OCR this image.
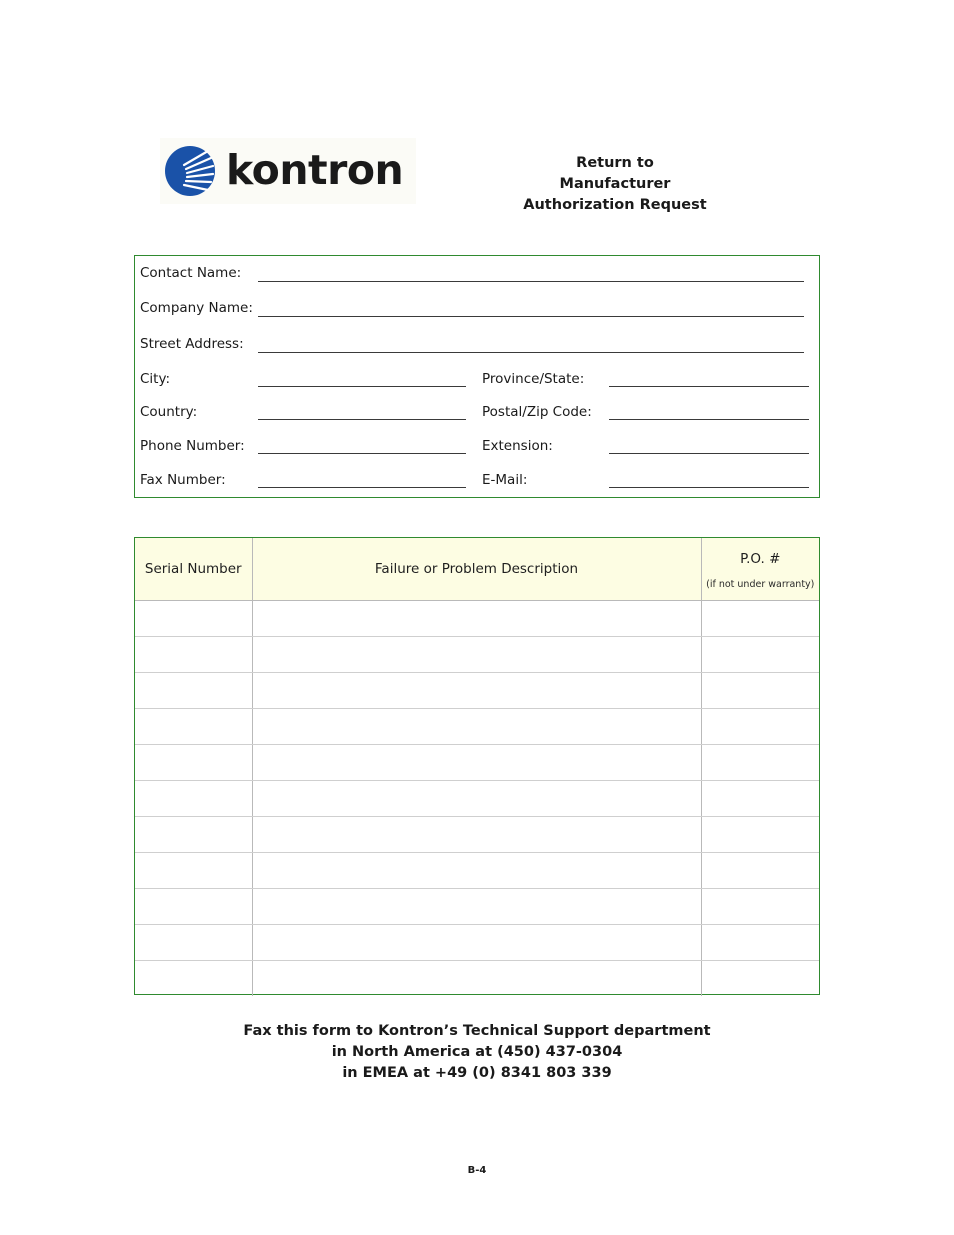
kontron	Return to
Manufacturer
Authorization Request
Contact Name:
Company Name:
Street Address:
City:	Province/State:
Country:	Postal/Zip Code:
Phone Number:	Extension:
Fax Number:	E-Mail:
Serial Number	Failure or Problem Description	P.O. #
(if not under warranty)

Fax this form to Kontron’s Technical Support department
in North America at (450) 437-0304
in EMEA at +49 (0) 8341 803 339
B-4
